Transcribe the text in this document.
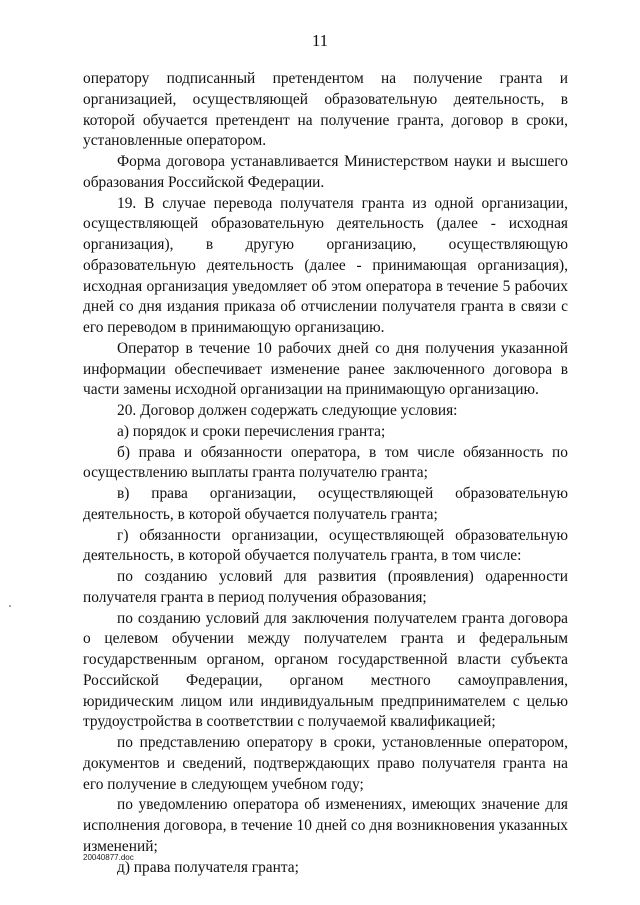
11

оператору подписанный претендентом на получение гранта и организацией, осуществляющей образовательную деятельность, в которой обучается претендент на получение гранта, договор в сроки, установленные оператором.

Форма договора устанавливается Министерством науки и высшего образования Российской Федерации.

19. В случае перевода получателя гранта из одной организации, осуществляющей образовательную деятельность (далее - исходная организация), в другую организацию, осуществляющую образовательную деятельность (далее - принимающая организация), исходная организация уведомляет об этом оператора в течение 5 рабочих дней со дня издания приказа об отчислении получателя гранта в связи с его переводом в принимающую организацию.

Оператор в течение 10 рабочих дней со дня получения указанной информации обеспечивает изменение ранее заключенного договора в части замены исходной организации на принимающую организацию.

20. Договор должен содержать следующие условия:

а) порядок и сроки перечисления гранта;

б) права и обязанности оператора, в том числе обязанность по осуществлению выплаты гранта получателю гранта;

в) права организации, осуществляющей образовательную деятельность, в которой обучается получатель гранта;

г) обязанности организации, осуществляющей образовательную деятельность, в которой обучается получатель гранта, в том числе:

по созданию условий для развития (проявления) одаренности получателя гранта в период получения образования;

по созданию условий для заключения получателем гранта договора о целевом обучении между получателем гранта и федеральным государственным органом, органом государственной власти субъекта Российской Федерации, органом местного самоуправления, юридическим лицом или индивидуальным предпринимателем с целью трудоустройства в соответствии с получаемой квалификацией;

по представлению оператору в сроки, установленные оператором, документов и сведений, подтверждающих право получателя гранта на его получение в следующем учебном году;

по уведомлению оператора об изменениях, имеющих значение для исполнения договора, в течение 10 дней со дня возникновения указанных изменений;

д) права получателя гранта;

20040877.doc
